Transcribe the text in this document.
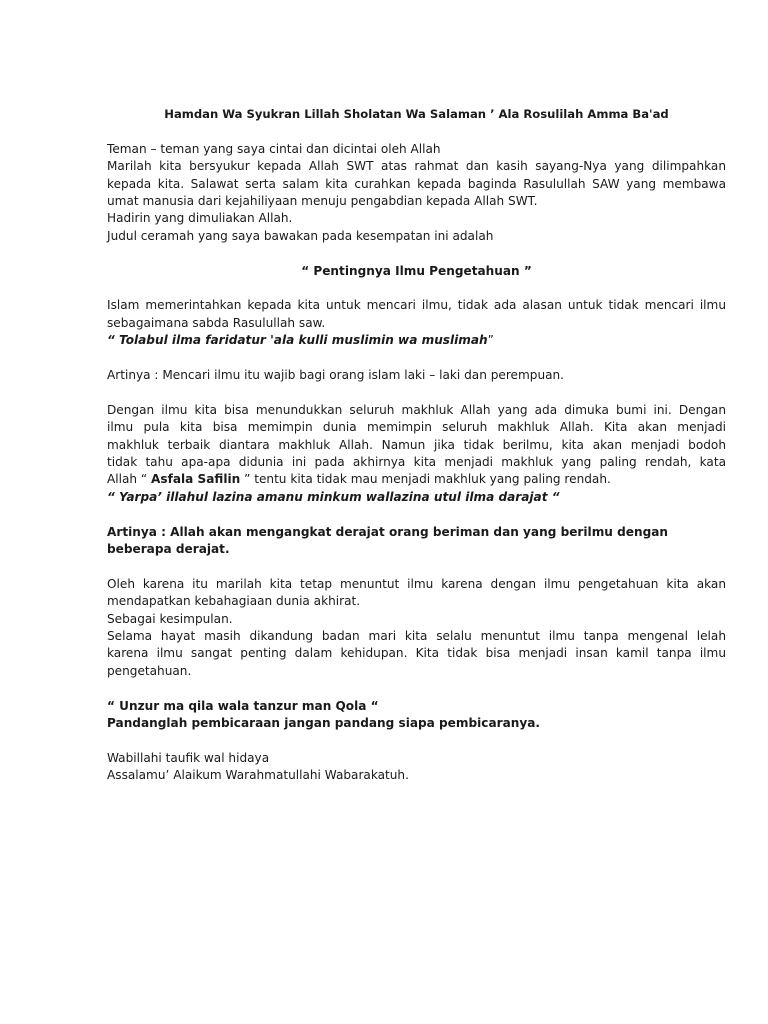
Hamdan Wa Syukran Lillah Sholatan Wa Salaman ʼ Ala Rosulilah Amma Ba'ad
Teman – teman yang saya cintai dan dicintai oleh Allah
Marilah kita bersyukur kepada Allah SWT atas rahmat dan kasih sayang-Nya yang dilimpahkan
kepada kita. Salawat serta salam kita curahkan kepada baginda Rasulullah SAW yang membawa
umat manusia dari kejahiliyaan menuju pengabdian kepada Allah SWT.
Hadirin yang dimuliakan Allah.
Judul ceramah yang saya bawakan pada kesempatan ini adalah
“ Pentingnya Ilmu Pengetahuan ”
Islam memerintahkan kepada kita untuk mencari ilmu, tidak ada alasan untuk tidak mencari ilmu
sebagaimana sabda Rasulullah saw.
“ Tolabul ilma faridatur 'ala kulli muslimin wa muslimah”
Artinya : Mencari ilmu itu wajib bagi orang islam laki – laki dan perempuan.
Dengan ilmu kita bisa menundukkan seluruh makhluk Allah yang ada dimuka bumi ini. Dengan
ilmu pula kita bisa memimpin dunia memimpin seluruh makhluk Allah. Kita akan menjadi
makhluk terbaik diantara makhluk Allah. Namun jika tidak berilmu, kita akan menjadi bodoh
tidak tahu apa-apa didunia ini pada akhirnya kita menjadi makhluk yang paling rendah, kata
Allah “ Asfala Safilin ” tentu kita tidak mau menjadi makhluk yang paling rendah.
“ Yarpa’ illahul lazina amanu minkum wallazina utul ilma darajat “
Artinya : Allah akan mengangkat derajat orang beriman dan yang berilmu dengan
beberapa derajat.
Oleh karena itu marilah kita tetap menuntut ilmu karena dengan ilmu pengetahuan kita akan
mendapatkan kebahagiaan dunia akhirat.
Sebagai kesimpulan.
Selama hayat masih dikandung badan mari kita selalu menuntut ilmu tanpa mengenal lelah
karena ilmu sangat penting dalam kehidupan. Kita tidak bisa menjadi insan kamil tanpa ilmu
pengetahuan.
“ Unzur ma qila wala tanzur man Qola “
Pandanglah pembicaraan jangan pandang siapa pembicaranya.
Wabillahi taufik wal hidaya
Assalamu’ Alaikum Warahmatullahi Wabarakatuh.
